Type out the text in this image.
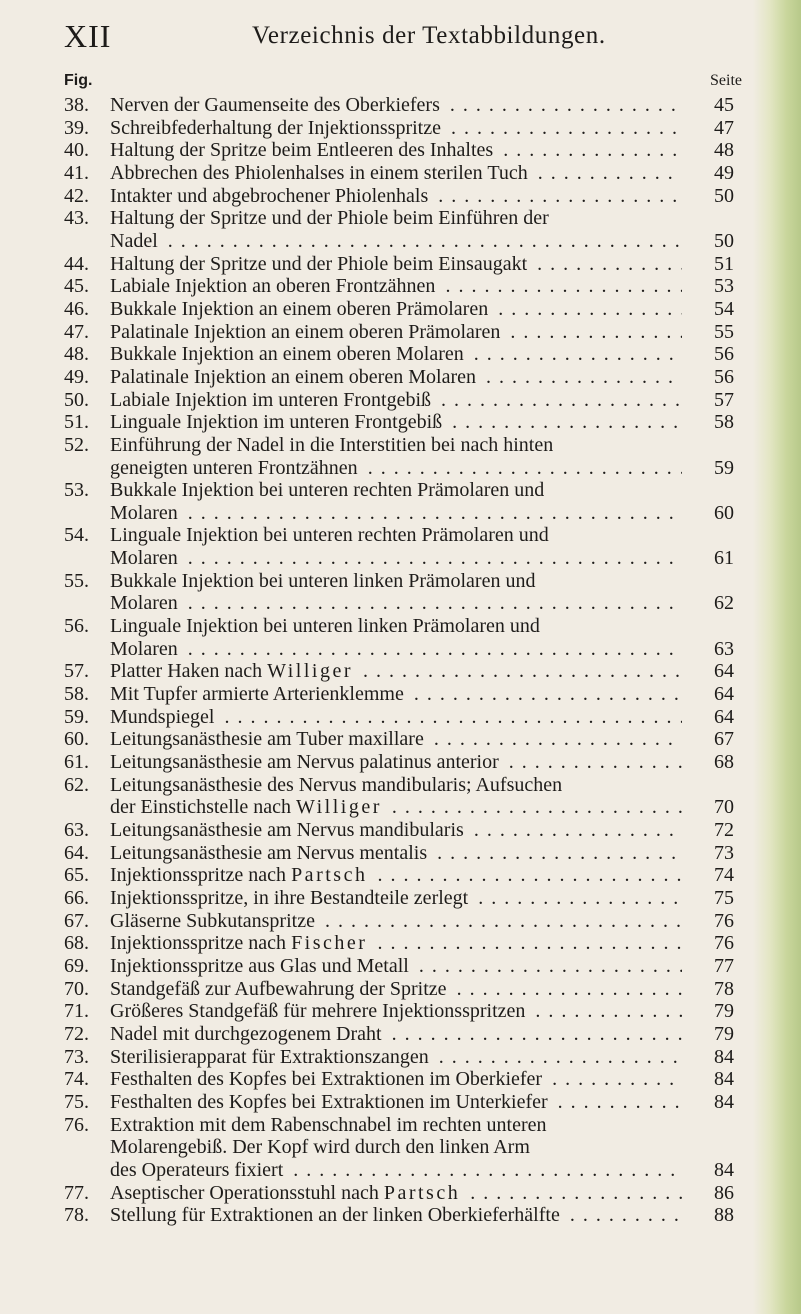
XII	Verzeichnis der Textabbildungen.
Fig.	Seite
38. Nerven der Gaumenseite des Oberkiefers . . .	45
39. Schreibfederhaltung der Injektionsspritze . . .	47
40. Haltung der Spritze beim Entleeren des Inhaltes . . .	48
41. Abbrechen des Phiolenhalses in einem sterilen Tuch . . .	49
42. Intakter und abgebrochener Phiolenhals . . .	50
43. Haltung der Spritze und der Phiole beim Einführen der
Nadel . . .	50
44. Haltung der Spritze und der Phiole beim Einsaugakt . . .	51
45. Labiale Injektion an oberen Frontzähnen . . .	53
46. Bukkale Injektion an einem oberen Prämolaren . . .	54
47. Palatinale Injektion an einem oberen Prämolaren . . .	55
48. Bukkale Injektion an einem oberen Molaren . . .	56
49. Palatinale Injektion an einem oberen Molaren . . .	56
50. Labiale Injektion im unteren Frontgebiß . . .	57
51. Linguale Injektion im unteren Frontgebiß . . .	58
52. Einführung der Nadel in die Interstitien bei nach hinten
geneigten unteren Frontzähnen . . .	59
53. Bukkale Injektion bei unteren rechten Prämolaren und
Molaren . . .	60
54. Linguale Injektion bei unteren rechten Prämolaren und
Molaren . . .	61
55. Bukkale Injektion bei unteren linken Prämolaren und
Molaren . . .	62
56. Linguale Injektion bei unteren linken Prämolaren und
Molaren . . .	63
57. Platter Haken nach Williger . . .	64
58. Mit Tupfer armierte Arterienklemme . . .	64
59. Mundspiegel . . .	64
60. Leitungsanästhesie am Tuber maxillare . . .	67
61. Leitungsanästhesie am Nervus palatinus anterior . . .	68
62. Leitungsanästhesie des Nervus mandibularis; Aufsuchen
der Einstichstelle nach Williger . . .	70
63. Leitungsanästhesie am Nervus mandibularis . . .	72
64. Leitungsanästhesie am Nervus mentalis . . .	73
65. Injektionsspritze nach Partsch . . .	74
66. Injektionsspritze, in ihre Bestandteile zerlegt . . .	75
67. Gläserne Subkutanspritze . . .	76
68. Injektionsspritze nach Fischer . . .	76
69. Injektionsspritze aus Glas und Metall . . .	77
70. Standgefäß zur Aufbewahrung der Spritze . . .	78
71. Größeres Standgefäß für mehrere Injektionsspritzen . . .	79
72. Nadel mit durchgezogenem Draht . . .	79
73. Sterilisierapparat für Extraktionszangen . . .	84
74. Festhalten des Kopfes bei Extraktionen im Oberkiefer . . .	84
75. Festhalten des Kopfes bei Extraktionen im Unterkiefer . . .	84
76. Extraktion mit dem Rabenschnabel im rechten unteren
Molarengebiß. Der Kopf wird durch den linken Arm
des Operateurs fixiert . . .	84
77. Aseptischer Operationsstuhl nach Partsch . . .	86
78. Stellung für Extraktionen an der linken Oberkieferhälfte . . .	88
